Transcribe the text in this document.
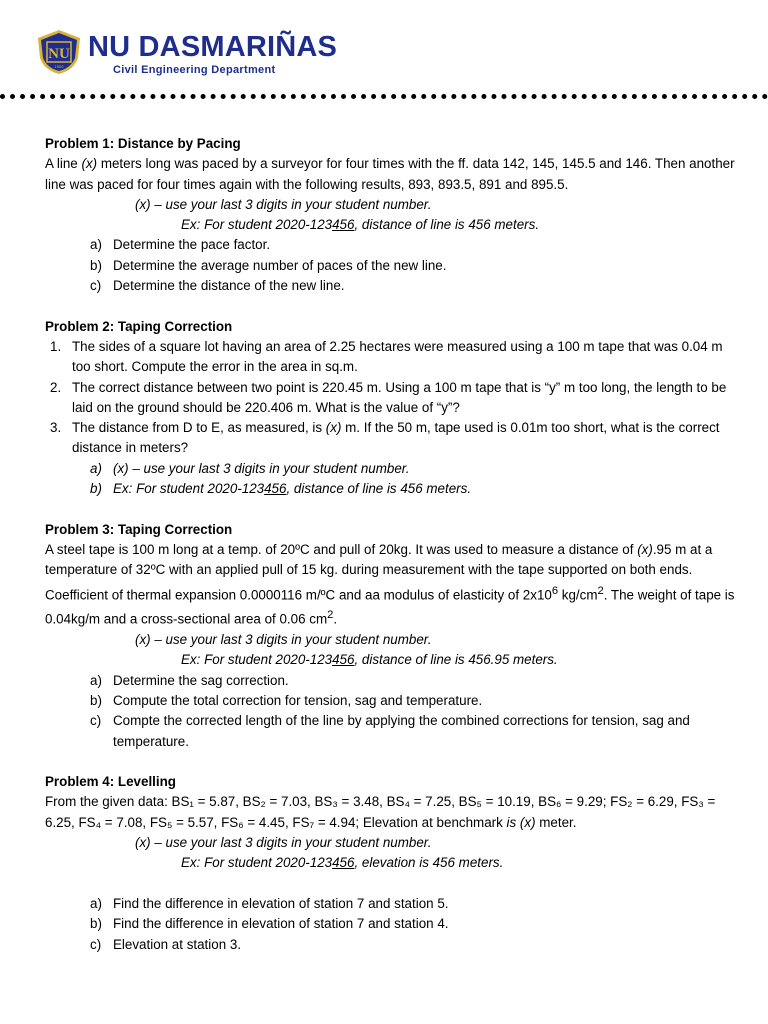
NU
1900
NU DASMARIÑAS
Civil Engineering Department
Problem 1: Distance by Pacing

A line (x) meters long was paced by a surveyor for four times with the ff. data 142, 145, 145.5 and 146. Then another line was paced for four times again with the following results, 893, 893.5, 891 and 895.5.

(x) – use your last 3 digits in your student number.
Ex: For student 2020-123456, distance of line is 456 meters.
a) Determine the pace factor.
b) Determine the average number of paces of the new line.
c) Determine the distance of the new line.
Problem 2: Taping Correction
1. The sides of a square lot having an area of 2.25 hectares were measured using a 100 m tape that was 0.04 m too short. Compute the error in the area in sq.m.
2. The correct distance between two point is 220.45 m. Using a 100 m tape that is “y” m too long, the length to be laid on the ground should be 220.406 m. What is the value of “y”?
3. The distance from D to E, as measured, is (x) m. If the 50 m, tape used is 0.01m too short, what is the correct distance in meters?
a) (x) – use your last 3 digits in your student number.
b) Ex: For student 2020-123456, distance of line is 456 meters.
Problem 3: Taping Correction

A steel tape is 100 m long at a temp. of 20ºC and pull of 20kg. It was used to measure a distance of (x).95 m at a temperature of 32ºC with an applied pull of 15 kg. during measurement with the tape supported on both ends. Coefficient of thermal expansion 0.0000116 m/ºC and aa modulus of elasticity of $2x10^6$ $kg/cm^2$. The weight of tape is 0.04kg/m and a cross-sectional area of 0.06 $cm^2$.

(x) – use your last 3 digits in your student number.
Ex: For student 2020-123456, distance of line is 456.95 meters.
a) Determine the sag correction.
b) Compute the total correction for tension, sag and temperature.
c) Compte the corrected length of the line by applying the combined corrections for tension, sag and temperature.
Problem 4: Levelling

From the given data: BS₁ = 5.87, BS₂ = 7.03, BS₃ = 3.48, BS₄ = 7.25, BS₅ = 10.19, BS₆ = 9.29; FS₂ = 6.29, FS₃ = 6.25, FS₄ = 7.08, FS₅ = 5.57, FS₆ = 4.45, FS₇ = 4.94; Elevation at benchmark is (x) meter.

(x) – use your last 3 digits in your student number.
Ex: For student 2020-123456, elevation is 456 meters.
a) Find the difference in elevation of station 7 and station 5.
b) Find the difference in elevation of station 7 and station 4.
c) Elevation at station 3.
